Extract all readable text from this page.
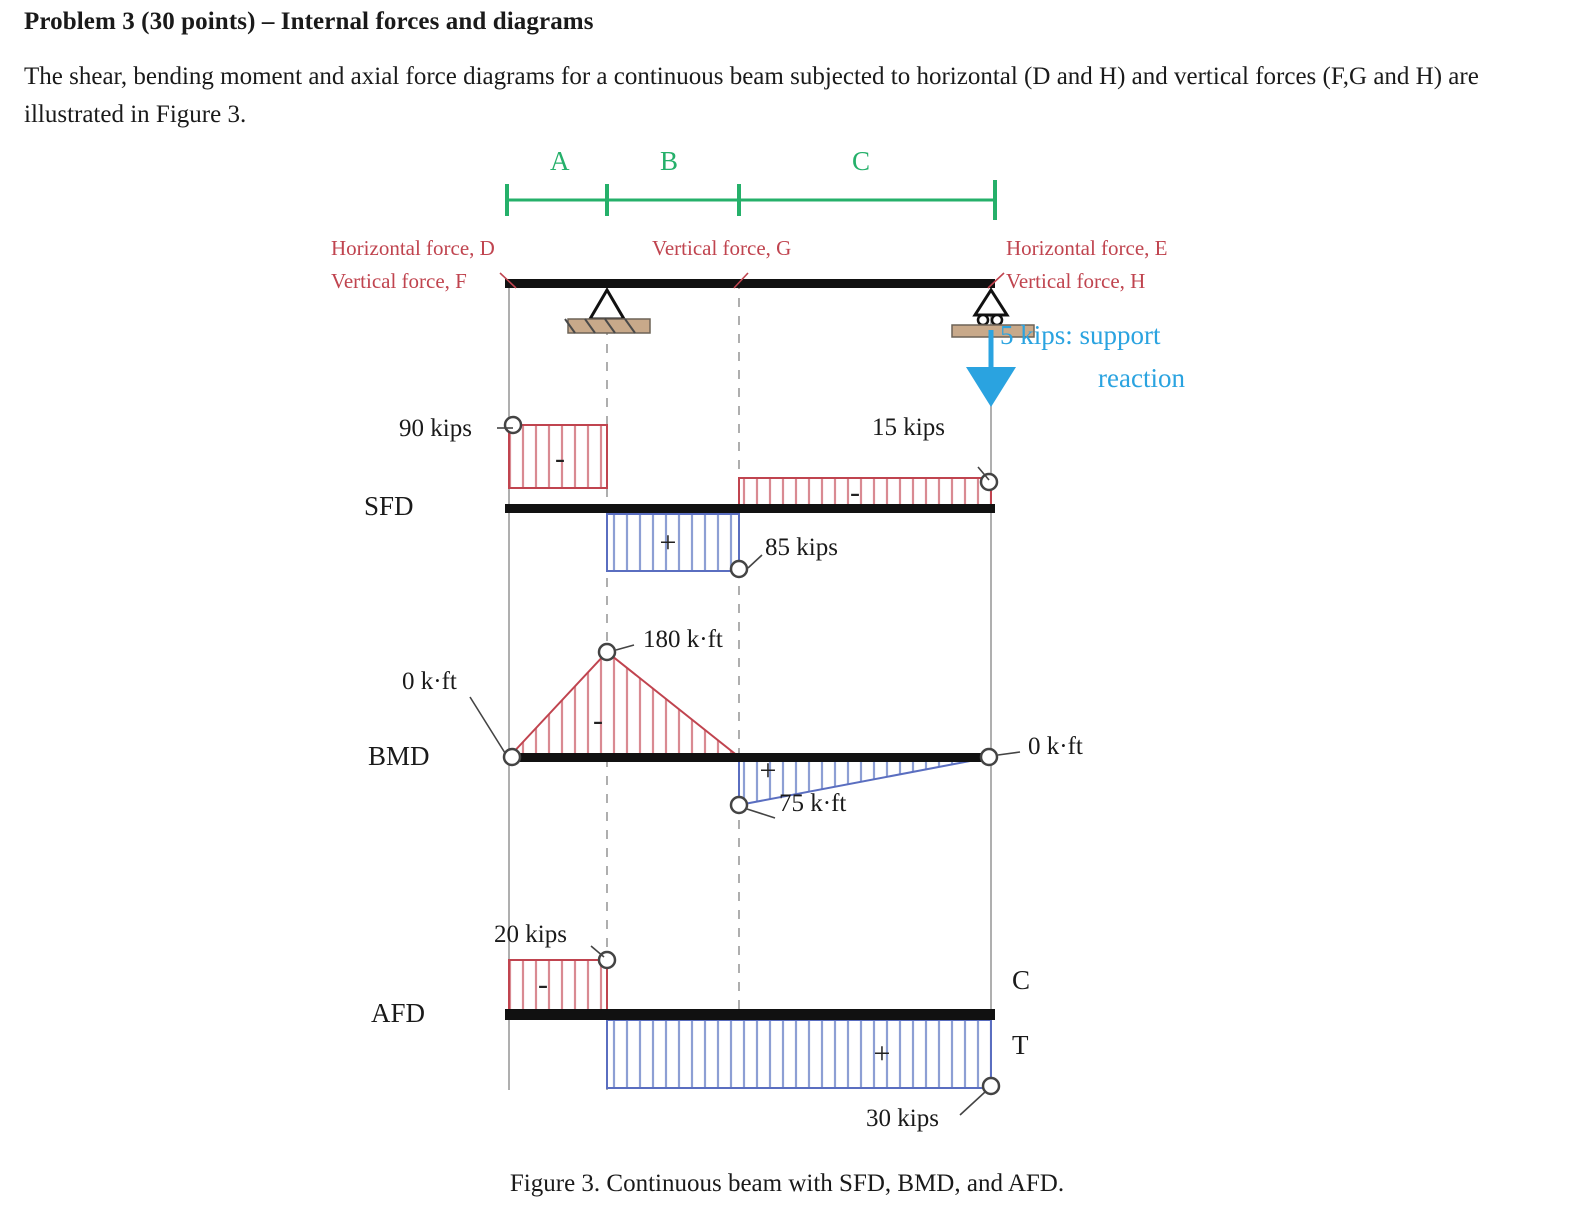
Problem 3 (30 points) – Internal forces and diagrams
The shear, bending moment and axial force diagrams for a continuous beam subjected to horizontal (D and H) and vertical forces (F,G and H) are illustrated in Figure 3.
-
-
+
-
+
-
+
A	B	C
Horizontal force, D
Vertical force, F
Vertical force, G	Horizontal force, E
Vertical force, H
5 kips: support
reaction
SFD
BMD
AFD
90 kips	15 kips
85 kips
180 k·ft
0 k·ft
0 k·ft
75 k·ft
20 kips
30 kips
C
T
Figure 3. Continuous beam with SFD, BMD, and AFD.
